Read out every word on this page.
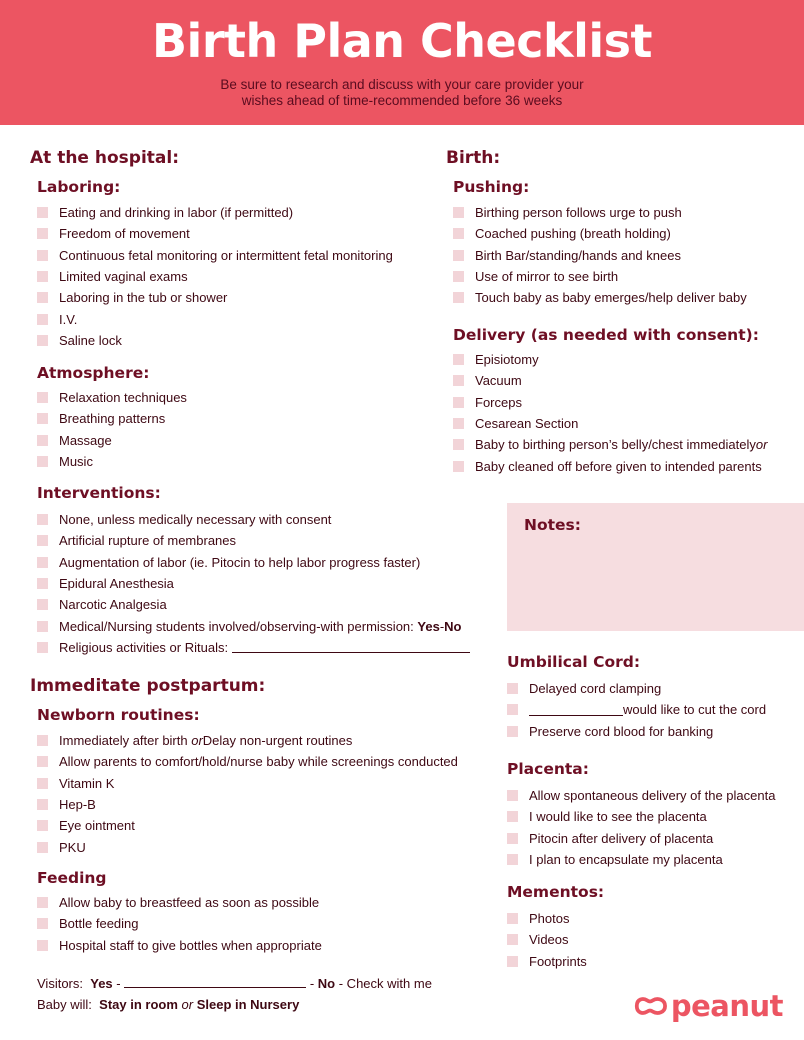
Birth Plan Checklist
Be sure to research and discuss with your care provider your
wishes ahead of time-recommended before 36 weeks
At the hospital:
Laboring:
Eating and drinking in labor (if permitted)
Freedom of movement
Continuous fetal monitoring or intermittent fetal monitoring
Limited vaginal exams
Laboring in the tub or shower
I.V.
Saline lock
Atmosphere:
Relaxation techniques
Breathing patterns
Massage
Music
Interventions:
None, unless medically necessary with consent
Artificial rupture of membranes
Augmentation of labor (ie. Pitocin to help labor progress faster)
Epidural Anesthesia
Narcotic Analgesia
Medical/Nursing students involved/observing-with permission:
Yes - No
Religious activities or Rituals:

Immeditate postpartum:
Newborn routines:
Immediately after birth
or Delay non-urgent routines
Allow parents to comfort/hold/nurse baby while screenings conducted
Vitamin K
Hep-B
Eye ointment
PKU
Feeding
Allow baby to breastfeed as soon as possible
Bottle feeding
Hospital staff to give bottles when appropriate
Visitors:  Yes -	- No - Check with me
Baby will:  Stay in room or Sleep in Nursery
Birth:
Pushing:
Birthing person follows urge to push
Coached pushing (breath holding)
Birth Bar/standing/hands and knees
Use of mirror to see birth
Touch baby as baby emerges/help deliver baby
Delivery (as needed with consent):
Episiotomy
Vacuum
Forceps
Cesarean Section
Baby to birthing person’s belly/chest immediately or
Baby cleaned off before given to intended parents
Notes:
Umbilical Cord:
Delayed cord clamping
would like to cut the cord
Preserve cord blood for banking
Placenta:
Allow spontaneous delivery of the placenta
I would like to see the placenta
Pitocin after delivery of placenta
I plan to encapsulate my placenta
Mementos:
Photos
Videos
Footprints
peanut
